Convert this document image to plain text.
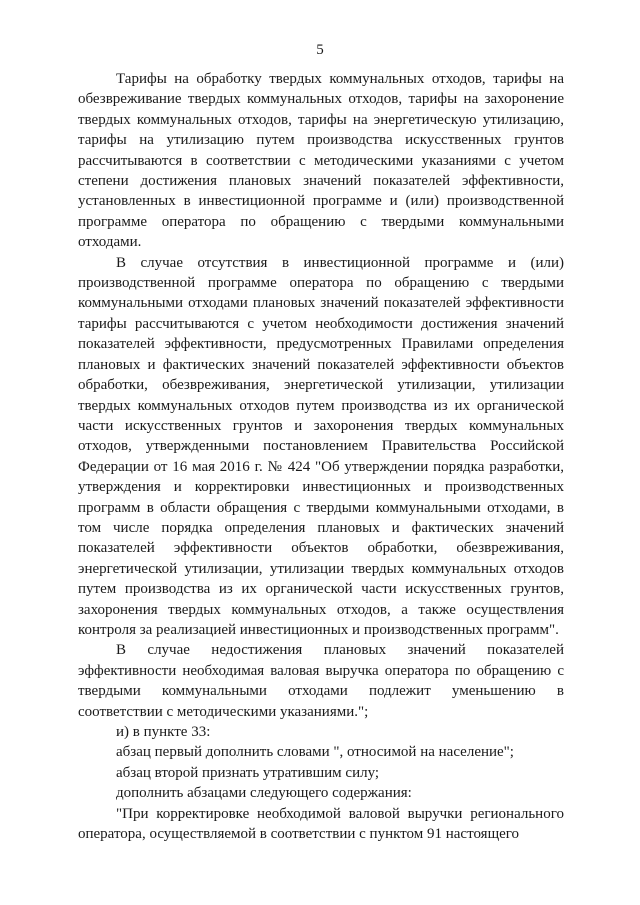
5

Тарифы на обработку твердых коммунальных отходов, тарифы на обезвреживание твердых коммунальных отходов, тарифы на захоронение твердых коммунальных отходов, тарифы на энергетическую утилизацию, тарифы на утилизацию путем производства искусственных грунтов рассчитываются в соответствии с методическими указаниями с учетом степени достижения плановых значений показателей эффективности, установленных в инвестиционной программе и (или) производственной программе оператора по обращению с твердыми коммунальными отходами.

В случае отсутствия в инвестиционной программе и (или) производственной программе оператора по обращению с твердыми коммунальными отходами плановых значений показателей эффективности тарифы рассчитываются с учетом необходимости достижения значений показателей эффективности, предусмотренных Правилами определения плановых и фактических значений показателей эффективности объектов обработки, обезвреживания, энергетической утилизации, утилизации твердых коммунальных отходов путем производства из их органической части искусственных грунтов и захоронения твердых коммунальных отходов, утвержденными постановлением Правительства Российской Федерации от 16 мая 2016 г. № 424 "Об утверждении порядка разработки, утверждения и корректировки инвестиционных и производственных программ в области обращения с твердыми коммунальными отходами, в том числе порядка определения плановых и фактических значений показателей эффективности объектов обработки, обезвреживания, энергетической утилизации, утилизации твердых коммунальных отходов путем производства из их органической части искусственных грунтов, захоронения твердых коммунальных отходов, а также осуществления контроля за реализацией инвестиционных и производственных программ".

В случае недостижения плановых значений показателей эффективности необходимая валовая выручка оператора по обращению с твердыми коммунальными отходами подлежит уменьшению в соответствии с методическими указаниями.";

и) в пункте 33:

абзац первый дополнить словами ", относимой на население";

абзац второй признать утратившим силу;

дополнить абзацами следующего содержания:

"При корректировке необходимой валовой выручки регионального оператора, осуществляемой в соответствии с пунктом 91 настоящего
